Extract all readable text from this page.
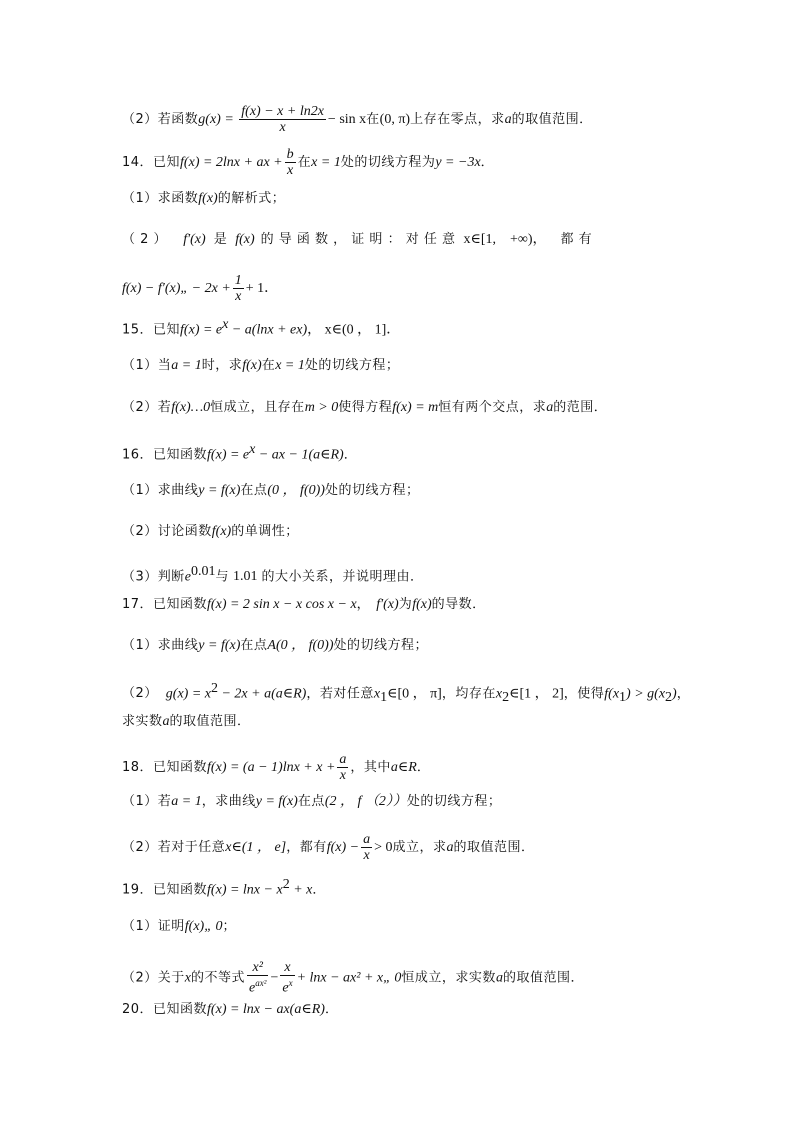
（2）若函数$g(x) = \frac{f(x) - x + \ln 2x}{x} - \sin x$在(0, π)上存在零点，求a的取值范围．
14．已知f(x) = 2lnx + ax + $\frac{b}{x}$ 在x = 1处的切线方程为y = −3x．
（1）求函数f(x)的解析式；
（ 2 ） f′(x) 是 f(x) 的 导 函 数 ， 证 明 ： 对 任 意 x∈[1,　+∞)， 都 有
f(x) − f′(x)„ − $2x + \frac{1}{x} + 1$．
15．已知$f(x) = e^x - a(\ln x + ex)$， x∈(0 ， 1]．
（1）当a = 1时，求f(x)在x = 1处的切线方程；
（2）若f(x)…0恒成立，且存在m > 0使得方程f(x) = m恒有两个交点，求a的范围．
16．已知函数$f(x) = e^x$ − ax − 1(a∈R)．
（1）求曲线y = f(x)在点(0 ， f(0))处的切线方程；
（2）讨论函数f(x)的单调性；
（3）判断$e^{0.01}$与 1.01 的大小关系，并说明理由．
17．已知函数f(x) = 2 sin x − x cos x − x， f′(x)为f(x)的导数．
（1）求曲线y = f(x)在点A(0 ， f(0))处的切线方程；
（2） $g(x) = x^2 - 2x$ + a(a∈R)，若对任意$x_1\in[0$ ， π]，均存在$x_2\in[1$ ， 2]，使得$f(x_1) > g(x_2)$，
求实数a的取值范围．
18．已知函数$f(x) = (a - 1)\ln x + x + \frac{a}{x}$ ，其中a∈R．
（1）若a = 1，求曲线y = f(x)在点(2 ， f （2））处的切线方程；
（2）若对于任意x∈(1 ， e]，都有$f(x) - \frac{a}{x} > 0$成立，求a的取值范围．
19．已知函数$f(x) = \ln x - x^2 + x$．
（1）证明f(x)„ 0；
（2）关于x的不等式 $\frac{\text{x²}}{e^{ax^2}} - \frac{x}{e^x} + \ln x - ax^2$ + x„ 0恒成立，求实数a的取值范围．
20．已知函数f(x) = lnx − ax(a∈R)．
